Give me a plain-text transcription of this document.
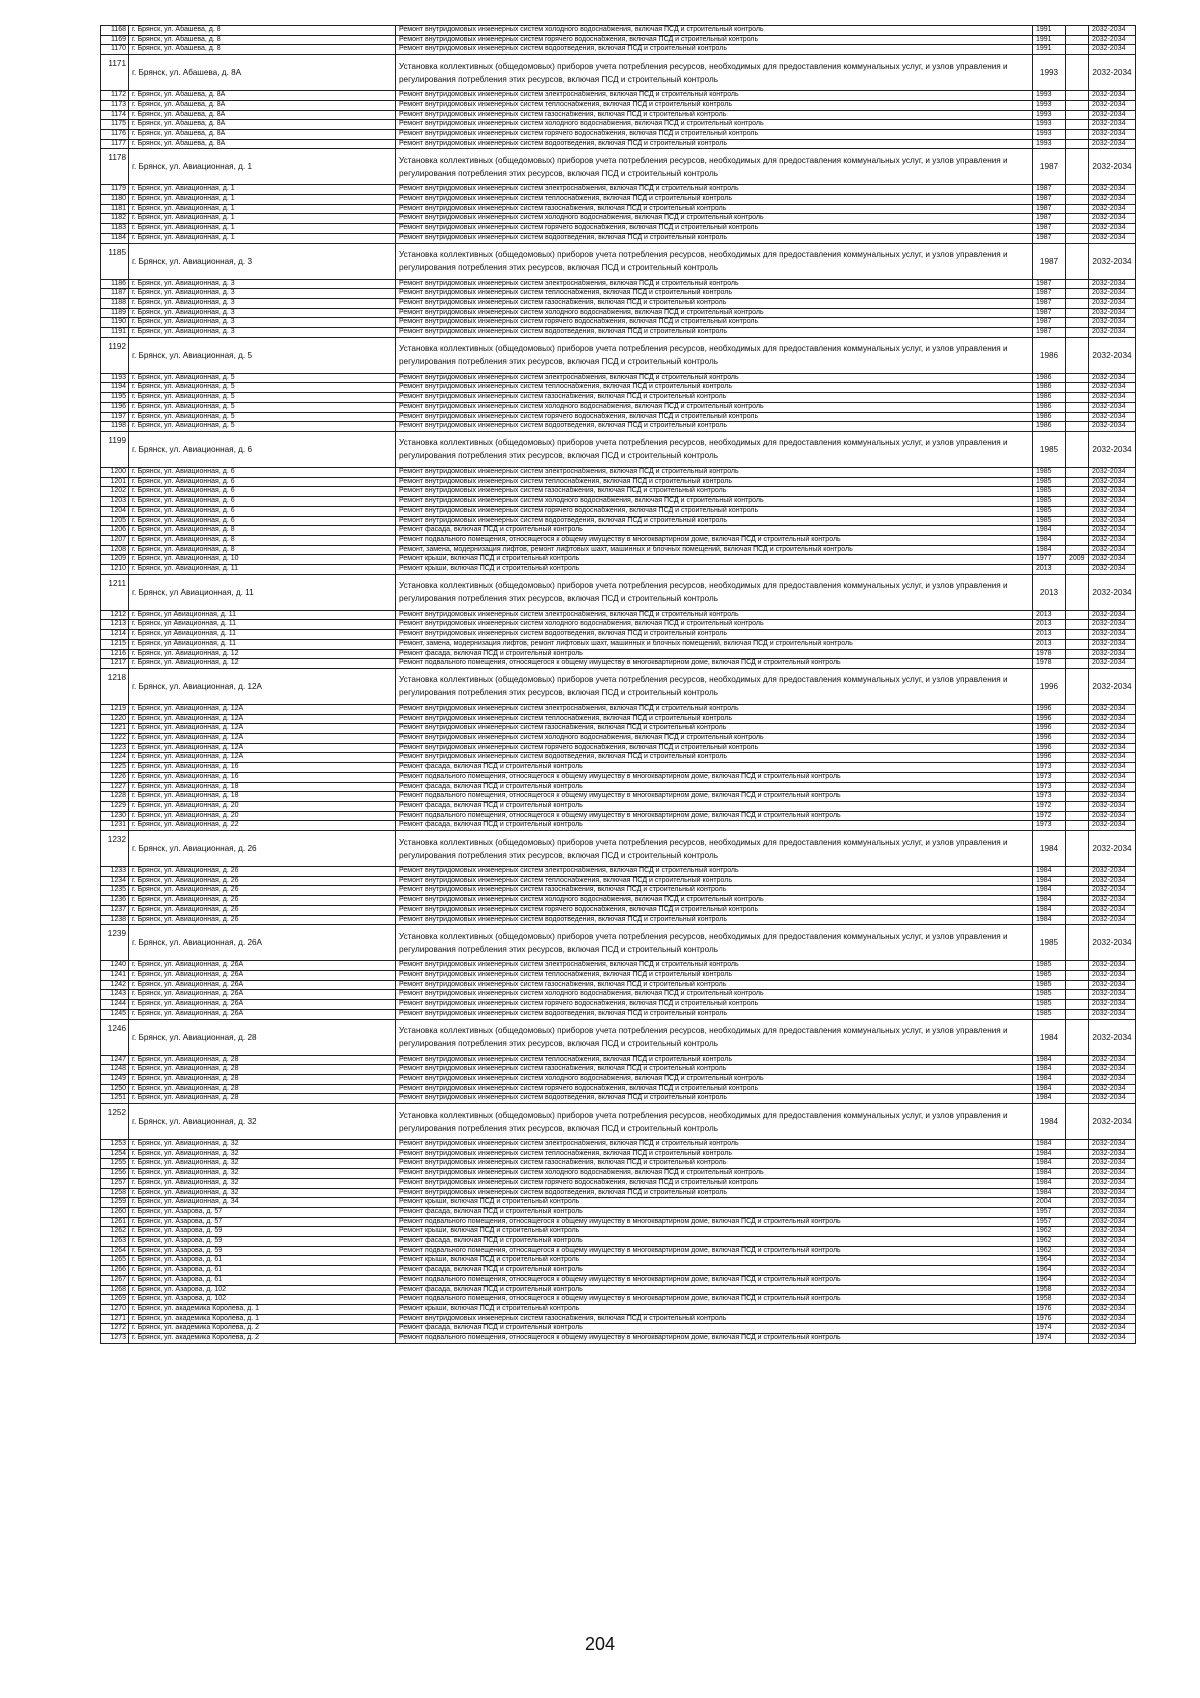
1168	г. Брянск, ул. Абашева, д. 8	Ремонт внутридомовых инженерных систем холодного водоснабжения, включая ПСД и строительный контроль	1991		2032-2034
1169	г. Брянск, ул. Абашева, д. 8	Ремонт внутридомовых инженерных систем горячего водоснабжения, включая ПСД и строительный контроль	1991		2032-2034
1170	г. Брянск, ул. Абашева, д. 8	Ремонт внутридомовых инженерных систем водоотведения, включая ПСД и строительный контроль	1991		2032-2034
1171	г. Брянск, ул. Абашева, д. 8А	Установка коллективных (общедомовых) приборов учета потребления ресурсов, необходимых для предоставления коммунальных услуг, и узлов управления и регулирования потребления этих ресурсов, включая ПСД и строительный контроль	1993		2032-2034
1172	г. Брянск, ул. Абашева, д. 8А	Ремонт внутридомовых инженерных систем электроснабжения, включая ПСД и строительный контроль	1993		2032-2034
1173	г. Брянск, ул. Абашева, д. 8А	Ремонт внутридомовых инженерных систем теплоснабжения, включая ПСД и строительный контроль	1993		2032-2034
1174	г. Брянск, ул. Абашева, д. 8А	Ремонт внутридомовых инженерных систем газоснабжения, включая ПСД и строительный контроль	1993		2032-2034
1175	г. Брянск, ул. Абашева, д. 8А	Ремонт внутридомовых инженерных систем холодного водоснабжения, включая ПСД и строительный контроль	1993		2032-2034
1176	г. Брянск, ул. Абашева, д. 8А	Ремонт внутридомовых инженерных систем горячего водоснабжения, включая ПСД и строительный контроль	1993		2032-2034
1177	г. Брянск, ул. Абашева, д. 8А	Ремонт внутридомовых инженерных систем водоотведения, включая ПСД и строительный контроль	1993		2032-2034
1178	г. Брянск, ул. Авиационная, д. 1	Установка коллективных (общедомовых) приборов учета потребления ресурсов, необходимых для предоставления коммунальных услуг, и узлов управления и регулирования потребления этих ресурсов, включая ПСД и строительный контроль	1987		2032-2034
1179	г. Брянск, ул. Авиационная, д. 1	Ремонт внутридомовых инженерных систем электроснабжения, включая ПСД и строительный контроль	1987		2032-2034
1180	г. Брянск, ул. Авиационная, д. 1	Ремонт внутридомовых инженерных систем теплоснабжения, включая ПСД и строительный контроль	1987		2032-2034
1181	г. Брянск, ул. Авиационная, д. 1	Ремонт внутридомовых инженерных систем газоснабжения, включая ПСД и строительный контроль	1987		2032-2034
1182	г. Брянск, ул. Авиационная, д. 1	Ремонт внутридомовых инженерных систем холодного водоснабжения, включая ПСД и строительный контроль	1987		2032-2034
1183	г. Брянск, ул. Авиационная, д. 1	Ремонт внутридомовых инженерных систем горячего водоснабжения, включая ПСД и строительный контроль	1987		2032-2034
1184	г. Брянск, ул. Авиационная, д. 1	Ремонт внутридомовых инженерных систем водоотведения, включая ПСД и строительный контроль	1987		2032-2034
1185	г. Брянск, ул. Авиационная, д. 3	Установка коллективных (общедомовых) приборов учета потребления ресурсов, необходимых для предоставления коммунальных услуг, и узлов управления и регулирования потребления этих ресурсов, включая ПСД и строительный контроль	1987		2032-2034
1186	г. Брянск, ул. Авиационная, д. 3	Ремонт внутридомовых инженерных систем электроснабжения, включая ПСД и строительный контроль	1987		2032-2034
1187	г. Брянск, ул. Авиационная, д. 3	Ремонт внутридомовых инженерных систем теплоснабжения, включая ПСД и строительный контроль	1987		2032-2034
1188	г. Брянск, ул. Авиационная, д. 3	Ремонт внутридомовых инженерных систем газоснабжения, включая ПСД и строительный контроль	1987		2032-2034
1189	г. Брянск, ул. Авиационная, д. 3	Ремонт внутридомовых инженерных систем холодного водоснабжения, включая ПСД и строительный контроль	1987		2032-2034
1190	г. Брянск, ул. Авиационная, д. 3	Ремонт внутридомовых инженерных систем горячего водоснабжения, включая ПСД и строительный контроль	1987		2032-2034
1191	г. Брянск, ул. Авиационная, д. 3	Ремонт внутридомовых инженерных систем водоотведения, включая ПСД и строительный контроль	1987		2032-2034
1192	г. Брянск, ул. Авиационная, д. 5	Установка коллективных (общедомовых) приборов учета потребления ресурсов, необходимых для предоставления коммунальных услуг, и узлов управления и регулирования потребления этих ресурсов, включая ПСД и строительный контроль	1986		2032-2034
1193	г. Брянск, ул. Авиационная, д. 5	Ремонт внутридомовых инженерных систем электроснабжения, включая ПСД и строительный контроль	1986		2032-2034
1194	г. Брянск, ул. Авиационная, д. 5	Ремонт внутридомовых инженерных систем теплоснабжения, включая ПСД и строительный контроль	1986		2032-2034
1195	г. Брянск, ул. Авиационная, д. 5	Ремонт внутридомовых инженерных систем газоснабжения, включая ПСД и строительный контроль	1986		2032-2034
1196	г. Брянск, ул. Авиационная, д. 5	Ремонт внутридомовых инженерных систем холодного водоснабжения, включая ПСД и строительный контроль	1986		2032-2034
1197	г. Брянск, ул. Авиационная, д. 5	Ремонт внутридомовых инженерных систем горячего водоснабжения, включая ПСД и строительный контроль	1986		2032-2034
1198	г. Брянск, ул. Авиационная, д. 5	Ремонт внутридомовых инженерных систем водоотведения, включая ПСД и строительный контроль	1986		2032-2034
1199	г. Брянск, ул. Авиационная, д. 6	Установка коллективных (общедомовых) приборов учета потребления ресурсов, необходимых для предоставления коммунальных услуг, и узлов управления и регулирования потребления этих ресурсов, включая ПСД и строительный контроль	1985		2032-2034
1200	г. Брянск, ул. Авиационная, д. 6	Ремонт внутридомовых инженерных систем электроснабжения, включая ПСД и строительный контроль	1985		2032-2034
1201	г. Брянск, ул. Авиационная, д. 6	Ремонт внутридомовых инженерных систем теплоснабжения, включая ПСД и строительный контроль	1985		2032-2034
1202	г. Брянск, ул. Авиационная, д. 6	Ремонт внутридомовых инженерных систем газоснабжения, включая ПСД и строительный контроль	1985		2032-2034
1203	г. Брянск, ул. Авиационная, д. 6	Ремонт внутридомовых инженерных систем холодного водоснабжения, включая ПСД и строительный контроль	1985		2032-2034
1204	г. Брянск, ул. Авиационная, д. 6	Ремонт внутридомовых инженерных систем горячего водоснабжения, включая ПСД и строительный контроль	1985		2032-2034
1205	г. Брянск, ул. Авиационная, д. 6	Ремонт внутридомовых инженерных систем водоотведения, включая ПСД и строительный контроль	1985		2032-2034
1206	г. Брянск, ул. Авиационная, д. 8	Ремонт фасада, включая ПСД и строительный контроль	1984		2032-2034
1207	г. Брянск, ул. Авиационная, д. 8	Ремонт подвального помещения, относящегося к общему имуществу в многоквартирном доме, включая ПСД и строительный контроль	1984		2032-2034
1208	г. Брянск, ул. Авиационная, д. 8	Ремонт, замена, модернизация лифтов, ремонт лифтовых шахт, машинных и блочных помещений, включая ПСД и строительный контроль	1984		2032-2034
1209	г. Брянск, ул. Авиационная, д. 10	Ремонт крыши, включая ПСД и строительный контроль	1977	2009	2032-2034
1210	г. Брянск, ул. Авиационная, д. 11	Ремонт крыши, включая ПСД и строительный контроль	2013		2032-2034
1211	г. Брянск, ул Авиационная, д. 11	Установка коллективных (общедомовых) приборов учета потребления ресурсов, необходимых для предоставления коммунальных услуг, и узлов управления и регулирования потребления этих ресурсов, включая ПСД и строительный контроль	2013		2032-2034
1212	г. Брянск, ул Авиационная, д. 11	Ремонт внутридомовых инженерных систем электроснабжения, включая ПСД и строительный контроль	2013		2032-2034
1213	г. Брянск, ул Авиационная, д. 11	Ремонт внутридомовых инженерных систем холодного водоснабжения, включая ПСД и строительный контроль	2013		2032-2034
1214	г. Брянск, ул Авиационная, д. 11	Ремонт внутридомовых инженерных систем водоотведения, включая ПСД и строительный контроль	2013		2032-2034
1215	г. Брянск, ул Авиационная, д. 11	Ремонт, замена, модернизация лифтов, ремонт лифтовых шахт, машинных и блочных помещений, включая ПСД и строительный контроль	2013		2032-2034
1216	г. Брянск, ул. Авиационная, д. 12	Ремонт фасада, включая ПСД и строительный контроль	1978		2032-2034
1217	г. Брянск, ул. Авиационная, д. 12	Ремонт подвального помещения, относящегося к общему имуществу в многоквартирном доме, включая ПСД и строительный контроль	1978		2032-2034
1218	г. Брянск, ул. Авиационная, д. 12А	Установка коллективных (общедомовых) приборов учета потребления ресурсов, необходимых для предоставления коммунальных услуг, и узлов управления и регулирования потребления этих ресурсов, включая ПСД и строительный контроль	1996		2032-2034
1219	г. Брянск, ул. Авиационная, д. 12А	Ремонт внутридомовых инженерных систем электроснабжения, включая ПСД и строительный контроль	1996		2032-2034
1220	г. Брянск, ул. Авиационная, д. 12А	Ремонт внутридомовых инженерных систем теплоснабжения, включая ПСД и строительный контроль	1996		2032-2034
1221	г. Брянск, ул. Авиационная, д. 12А	Ремонт внутридомовых инженерных систем газоснабжения, включая ПСД и строительный контроль	1996		2032-2034
1222	г. Брянск, ул. Авиационная, д. 12А	Ремонт внутридомовых инженерных систем холодного водоснабжения, включая ПСД и строительный контроль	1996		2032-2034
1223	г. Брянск, ул. Авиационная, д. 12А	Ремонт внутридомовых инженерных систем горячего водоснабжения, включая ПСД и строительный контроль	1996		2032-2034
1224	г. Брянск, ул. Авиационная, д. 12А	Ремонт внутридомовых инженерных систем водоотведения, включая ПСД и строительный контроль	1996		2032-2034
1225	г. Брянск, ул. Авиационная, д. 16	Ремонт фасада, включая ПСД и строительный контроль	1973		2032-2034
1226	г. Брянск, ул. Авиационная, д. 16	Ремонт подвального помещения, относящегося к общему имуществу в многоквартирном доме, включая ПСД и строительный контроль	1973		2032-2034
1227	г. Брянск, ул. Авиационная, д. 18	Ремонт фасада, включая ПСД и строительный контроль	1973		2032-2034
1228	г. Брянск, ул. Авиационная, д. 18	Ремонт подвального помещения, относящегося к общему имуществу в многоквартирном доме, включая ПСД и строительный контроль	1973		2032-2034
1229	г. Брянск, ул. Авиационная, д. 20	Ремонт фасада, включая ПСД и строительный контроль	1972		2032-2034
1230	г. Брянск, ул. Авиационная, д. 20	Ремонт подвального помещения, относящегося к общему имуществу в многоквартирном доме, включая ПСД и строительный контроль	1972		2032-2034
1231	г. Брянск, ул. Авиационная, д. 22	Ремонт фасада, включая ПСД и строительный контроль	1973		2032-2034
1232	г. Брянск, ул. Авиационная, д. 26	Установка коллективных (общедомовых) приборов учета потребления ресурсов, необходимых для предоставления коммунальных услуг, и узлов управления и регулирования потребления этих ресурсов, включая ПСД и строительный контроль	1984		2032-2034
1233	г. Брянск, ул. Авиационная, д. 26	Ремонт внутридомовых инженерных систем электроснабжения, включая ПСД и строительный контроль	1984		2032-2034
1234	г. Брянск, ул. Авиационная, д. 26	Ремонт внутридомовых инженерных систем теплоснабжения, включая ПСД и строительный контроль	1984		2032-2034
1235	г. Брянск, ул. Авиационная, д. 26	Ремонт внутридомовых инженерных систем газоснабжения, включая ПСД и строительный контроль	1984		2032-2034
1236	г. Брянск, ул. Авиационная, д. 26	Ремонт внутридомовых инженерных систем холодного водоснабжения, включая ПСД и строительный контроль	1984		2032-2034
1237	г. Брянск, ул. Авиационная, д. 26	Ремонт внутридомовых инженерных систем горячего водоснабжения, включая ПСД и строительный контроль	1984		2032-2034
1238	г. Брянск, ул. Авиационная, д. 26	Ремонт внутридомовых инженерных систем водоотведения, включая ПСД и строительный контроль	1984		2032-2034
1239	г. Брянск, ул. Авиационная, д. 26А	Установка коллективных (общедомовых) приборов учета потребления ресурсов, необходимых для предоставления коммунальных услуг, и узлов управления и регулирования потребления этих ресурсов, включая ПСД и строительный контроль	1985		2032-2034
1240	г. Брянск, ул. Авиационная, д. 26А	Ремонт внутридомовых инженерных систем электроснабжения, включая ПСД и строительный контроль	1985		2032-2034
1241	г. Брянск, ул. Авиационная, д. 26А	Ремонт внутридомовых инженерных систем теплоснабжения, включая ПСД и строительный контроль	1985		2032-2034
1242	г. Брянск, ул. Авиационная, д. 26А	Ремонт внутридомовых инженерных систем газоснабжения, включая ПСД и строительный контроль	1985		2032-2034
1243	г. Брянск, ул. Авиационная, д. 26А	Ремонт внутридомовых инженерных систем холодного водоснабжения, включая ПСД и строительный контроль	1985		2032-2034
1244	г. Брянск, ул. Авиационная, д. 26А	Ремонт внутридомовых инженерных систем горячего водоснабжения, включая ПСД и строительный контроль	1985		2032-2034
1245	г. Брянск, ул. Авиационная, д. 26А	Ремонт внутридомовых инженерных систем водоотведения, включая ПСД и строительный контроль	1985		2032-2034
1246	г. Брянск, ул. Авиационная, д. 28	Установка коллективных (общедомовых) приборов учета потребления ресурсов, необходимых для предоставления коммунальных услуг, и узлов управления и регулирования потребления этих ресурсов, включая ПСД и строительный контроль	1984		2032-2034
1247	г. Брянск, ул. Авиационная, д. 28	Ремонт внутридомовых инженерных систем теплоснабжения, включая ПСД и строительный контроль	1984		2032-2034
1248	г. Брянск, ул. Авиационная, д. 28	Ремонт внутридомовых инженерных систем газоснабжения, включая ПСД и строительный контроль	1984		2032-2034
1249	г. Брянск, ул. Авиационная, д. 28	Ремонт внутридомовых инженерных систем холодного водоснабжения, включая ПСД и строительный контроль	1984		2032-2034
1250	г. Брянск, ул. Авиационная, д. 28	Ремонт внутридомовых инженерных систем горячего водоснабжения, включая ПСД и строительный контроль	1984		2032-2034
1251	г. Брянск, ул. Авиационная, д. 28	Ремонт внутридомовых инженерных систем водоотведения, включая ПСД и строительный контроль	1984		2032-2034
1252	г. Брянск, ул. Авиационная, д. 32	Установка коллективных (общедомовых) приборов учета потребления ресурсов, необходимых для предоставления коммунальных услуг, и узлов управления и регулирования потребления этих ресурсов, включая ПСД и строительный контроль	1984		2032-2034
1253	г. Брянск, ул. Авиационная, д. 32	Ремонт внутридомовых инженерных систем электроснабжения, включая ПСД и строительный контроль	1984		2032-2034
1254	г. Брянск, ул. Авиационная, д. 32	Ремонт внутридомовых инженерных систем теплоснабжения, включая ПСД и строительный контроль	1984		2032-2034
1255	г. Брянск, ул. Авиационная, д. 32	Ремонт внутридомовых инженерных систем газоснабжения, включая ПСД и строительный контроль	1984		2032-2034
1256	г. Брянск, ул. Авиационная, д. 32	Ремонт внутридомовых инженерных систем холодного водоснабжения, включая ПСД и строительный контроль	1984		2032-2034
1257	г. Брянск, ул. Авиационная, д. 32	Ремонт внутридомовых инженерных систем горячего водоснабжения, включая ПСД и строительный контроль	1984		2032-2034
1258	г. Брянск, ул. Авиационная, д. 32	Ремонт внутридомовых инженерных систем водоотведения, включая ПСД и строительный контроль	1984		2032-2034
1259	г. Брянск, ул. Авиационная, д. 34	Ремонт крыши, включая ПСД и строительный контроль	2004		2032-2034
1260	г. Брянск, ул. Азарова, д. 57	Ремонт фасада, включая ПСД и строительный контроль	1957		2032-2034
1261	г. Брянск, ул. Азарова, д. 57	Ремонт подвального помещения, относящегося к общему имуществу в многоквартирном доме, включая ПСД и строительный контроль	1957		2032-2034
1262	г. Брянск, ул. Азарова, д. 59	Ремонт крыши, включая ПСД и строительный контроль	1962		2032-2034
1263	г. Брянск, ул. Азарова, д. 59	Ремонт фасада, включая ПСД и строительный контроль	1962		2032-2034
1264	г. Брянск, ул. Азарова, д. 59	Ремонт подвального помещения, относящегося к общему имуществу в многоквартирном доме, включая ПСД и строительный контроль	1962		2032-2034
1265	г. Брянск, ул. Азарова, д. 61	Ремонт крыши, включая ПСД и строительный контроль	1964		2032-2034
1266	г. Брянск, ул. Азарова, д. 61	Ремонт фасада, включая ПСД и строительный контроль	1964		2032-2034
1267	г. Брянск, ул. Азарова, д. 61	Ремонт подвального помещения, относящегося к общему имуществу в многоквартирном доме, включая ПСД и строительный контроль	1964		2032-2034
1268	г. Брянск, ул. Азарова, д. 102	Ремонт фасада, включая ПСД и строительный контроль	1958		2032-2034
1269	г. Брянск, ул. Азарова, д. 102	Ремонт подвального помещения, относящегося к общему имуществу в многоквартирном доме, включая ПСД и строительный контроль	1958		2032-2034
1270	г. Брянск, ул. академика Королева, д. 1	Ремонт крыши, включая ПСД и строительный контроль	1976		2032-2034
1271	г. Брянск, ул. академика Королева, д. 1	Ремонт внутридомовых инженерных систем газоснабжения, включая ПСД и строительный контроль	1976		2032-2034
1272	г. Брянск, ул. академика Королева, д. 2	Ремонт фасада, включая ПСД и строительный контроль	1974		2032-2034
1273	г. Брянск, ул. академика Королева, д. 2	Ремонт подвального помещения, относящегося к общему имуществу в многоквартирном доме, включая ПСД и строительный контроль	1974		2032-2034
204
